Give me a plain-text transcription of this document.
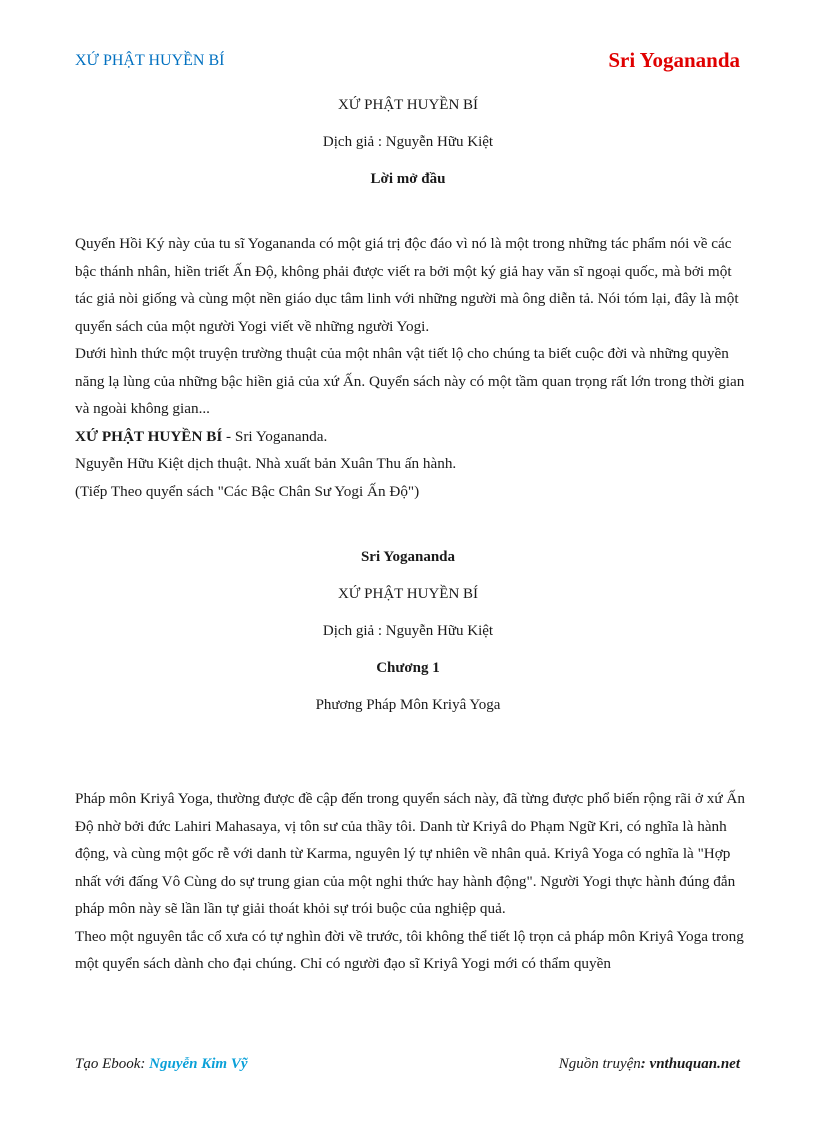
XỨ PHẬT HUYỀN BÍ	Sri Yogananda
XỨ PHẬT HUYỀN BÍ
Dịch giả : Nguyễn Hữu Kiệt
Lời mở đầu

Quyển Hồi Ký này của tu sĩ Yogananda có một giá trị độc đáo vì nó là một trong những tác phẩm nói về các bậc thánh nhân, hiền triết Ấn Độ, không phải được viết ra bởi một ký giả hay văn sĩ ngoại quốc, mà bởi một tác giả nòi giống và cùng một nền giáo dục tâm linh với những người mà ông diễn tả. Nói tóm lại, đây là một quyển sách của một người Yogi viết về những người Yogi.

Dưới hình thức một truyện trường thuật của một nhân vật tiết lộ cho chúng ta biết cuộc đời và những quyền năng lạ lùng của những bậc hiền giả của xứ Ấn. Quyển sách này có một tầm quan trọng rất lớn trong thời gian và ngoài không gian...

XỨ PHẬT HUYỀN BÍ - Sri Yogananda.

Nguyễn Hữu Kiệt dịch thuật. Nhà xuất bản Xuân Thu ấn hành.

(Tiếp Theo quyển sách "Các Bậc Chân Sư Yogi Ấn Độ")

Sri Yogananda
XỨ PHẬT HUYỀN BÍ
Dịch giả : Nguyễn Hữu Kiệt
Chương 1
Phương Pháp Môn Kriyâ Yoga

Pháp môn Kriyâ Yoga, thường được đề cập đến trong quyển sách này, đã từng được phổ biến rộng rãi ở xứ Ấn Độ nhờ bởi đức Lahiri Mahasaya, vị tôn sư của thầy tôi. Danh từ Kriyâ do Phạm Ngữ Kri, có nghĩa là hành động, và cùng một gốc rễ với danh từ Karma, nguyên lý tự nhiên về nhân quả. Kriyâ Yoga có nghĩa là "Hợp nhất với đấng Vô Cùng do sự trung gian của một nghi thức hay hành động". Người Yogi thực hành đúng đắn pháp môn này sẽ lần lần tự giải thoát khỏi sự trói buộc của nghiệp quả.

Theo một nguyên tắc cổ xưa có tự nghìn đời về trước, tôi không thể tiết lộ trọn cả pháp môn Kriyâ Yoga trong một quyển sách dành cho đại chúng. Chỉ có người đạo sĩ Kriyâ Yogi mới có thẩm quyền

Tạo Ebook: Nguyễn Kim Vỹ	Nguồn truyện: vnthuquan.net
